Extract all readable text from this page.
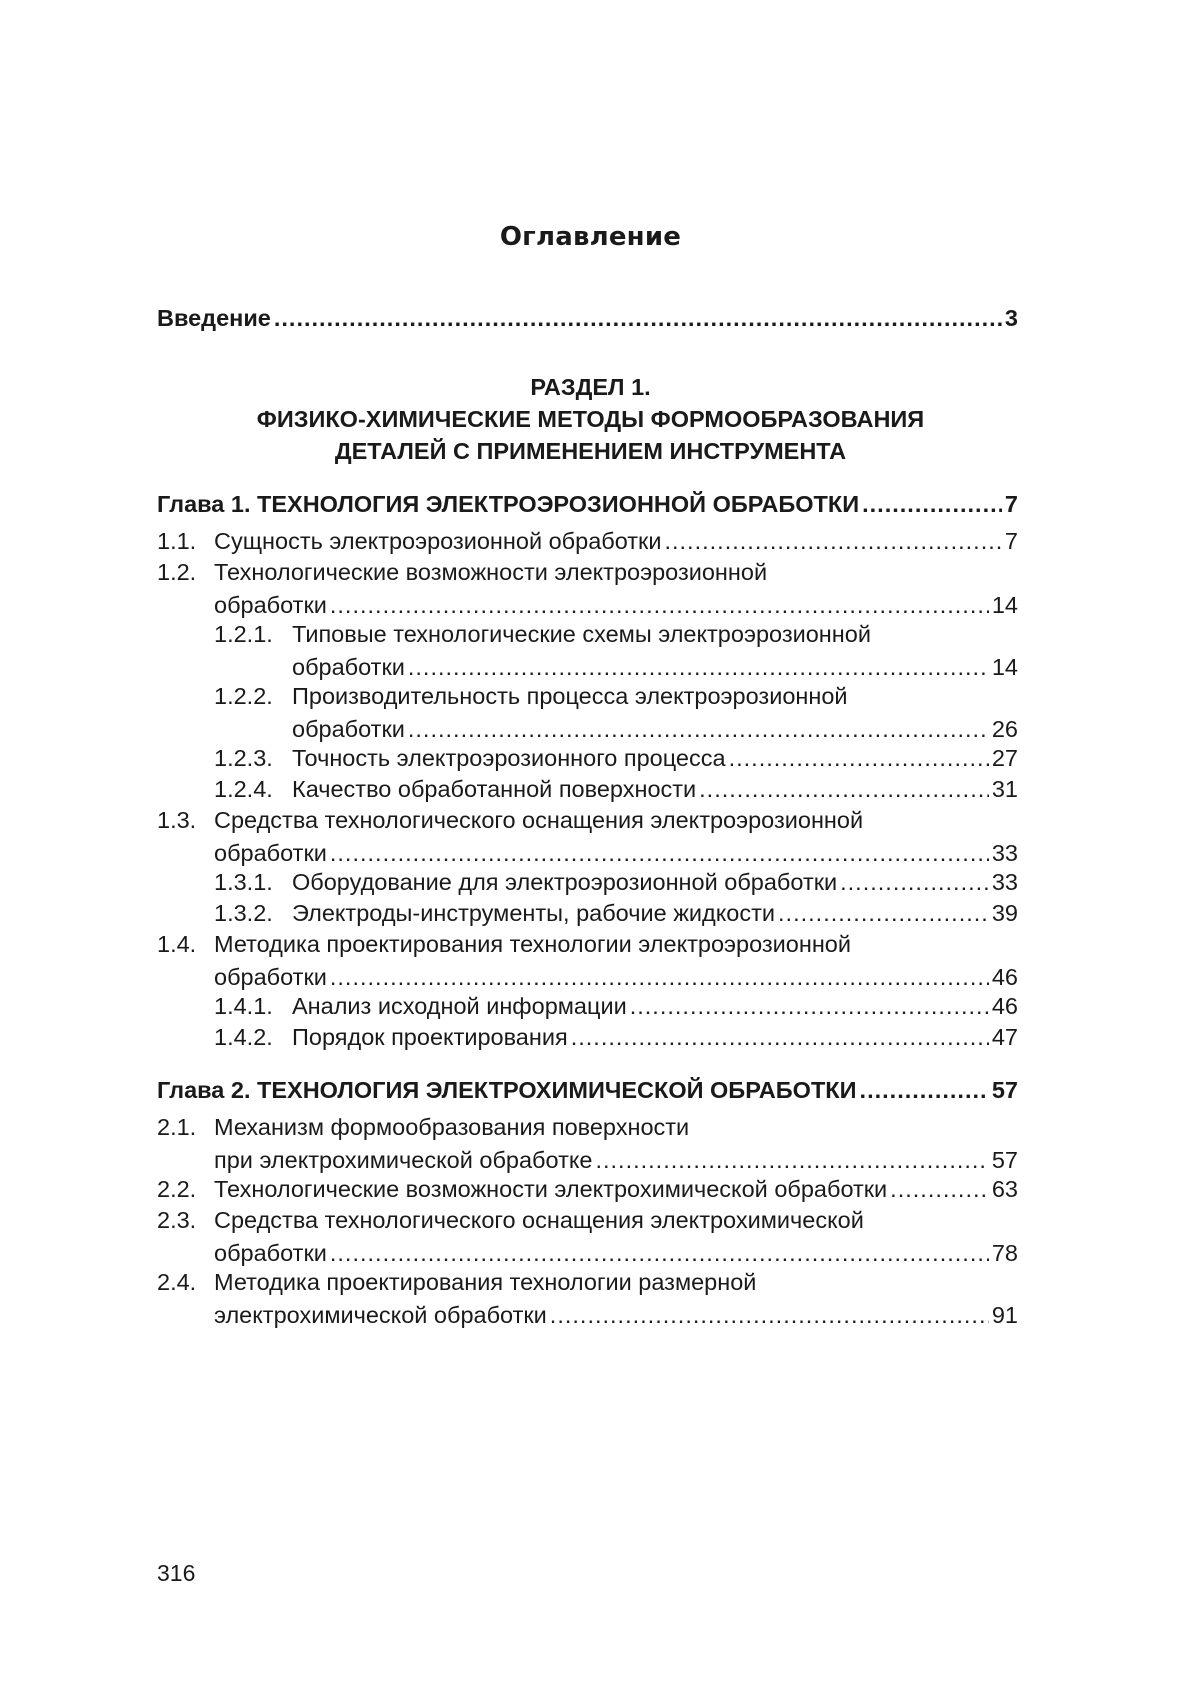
Оглавление
Введение .....	3
РАЗДЕЛ 1.
ФИЗИКО-ХИМИЧЕСКИЕ МЕТОДЫ ФОРМООБРАЗОВАНИЯ
ДЕТАЛЕЙ С ПРИМЕНЕНИЕМ ИНСТРУМЕНТА
Глава 1. ТЕХНОЛОГИЯ ЭЛЕКТРОЭРОЗИОННОЙ ОБРАБОТКИ .....	7
1.1. Сущность электроэрозионной обработки .....	7
1.2. Технологические возможности электроэрозионной
обработки .....	14
1.2.1. Типовые технологические схемы электроэрозионной
обработки .....	14
1.2.2. Производительность процесса электроэрозионной
обработки .....	26
1.2.3. Точность электроэрозионного процесса .....	27
1.2.4. Качество обработанной поверхности .....	31
1.3. Средства технологического оснащения электроэрозионной
обработки .....	33
1.3.1. Оборудование для электроэрозионной обработки .....	33
1.3.2. Электроды-инструменты, рабочие жидкости .....	39
1.4. Методика проектирования технологии электроэрозионной
обработки .....	46
1.4.1. Анализ исходной информации .....	46
1.4.2. Порядок проектирования .....	47
Глава 2. ТЕХНОЛОГИЯ ЭЛЕКТРОХИМИЧЕСКОЙ ОБРАБОТКИ .....	57
2.1. Механизм формообразования поверхности
при электрохимической обработке .....	57
2.2. Технологические возможности электрохимической обработки .....	63
2.3. Средства технологического оснащения электрохимической
обработки .....	78
2.4. Методика проектирования технологии размерной
электрохимической обработки .....	91
316
